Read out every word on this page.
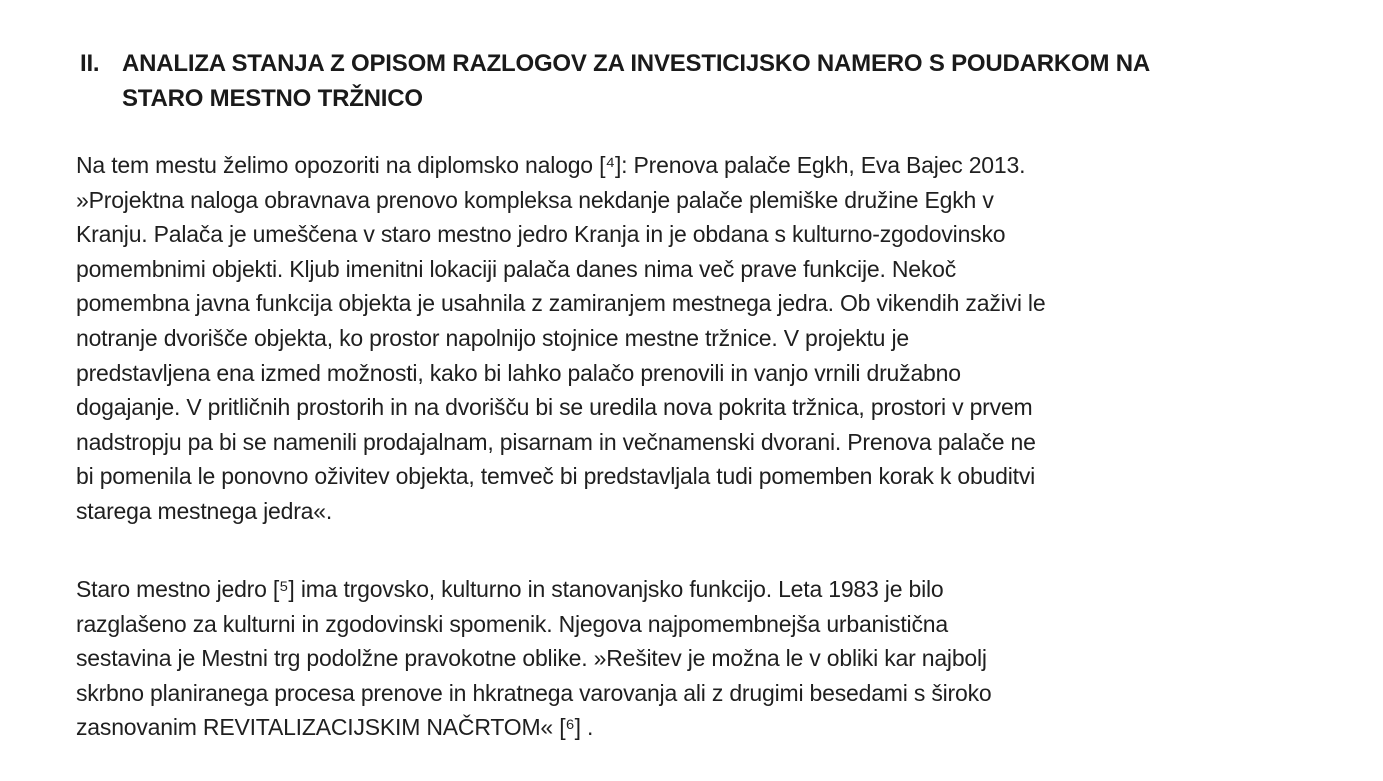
II. ANALIZA STANJA Z OPISOM RAZLOGOV ZA INVESTICIJSKO NAMERO S POUDARKOM NA
STARO MESTNO TRŽNICO
Na tem mestu želimo opozoriti na diplomsko nalogo [⁴]: Prenova palače Egkh, Eva Bajec 2013.
»Projektna naloga obravnava prenovo kompleksa nekdanje palače plemiške družine Egkh v
Kranju. Palača je umeščena v staro mestno jedro Kranja in je obdana s kulturno-zgodovinsko
pomembnimi objekti. Kljub imenitni lokaciji palača danes nima več prave funkcije. Nekoč
pomembna javna funkcija objekta je usahnila z zamiranjem mestnega jedra. Ob vikendih zaživi le
notranje dvorišče objekta, ko prostor napolnijo stojnice mestne tržnice. V projektu je
predstavljena ena izmed možnosti, kako bi lahko palačo prenovili in vanjo vrnili družabno
dogajanje. V pritličnih prostorih in na dvorišču bi se uredila nova pokrita tržnica, prostori v prvem
nadstropju pa bi se namenili prodajalnam, pisarnam in večnamenski dvorani. Prenova palače ne
bi pomenila le ponovno oživitev objekta, temveč bi predstavljala tudi pomemben korak k obuditvi
starega mestnega jedra«.
Staro mestno jedro [⁵] ima trgovsko, kulturno in stanovanjsko funkcijo. Leta 1983 je bilo
razglašeno za kulturni in zgodovinski spomenik. Njegova najpomembnejša urbanistična
sestavina je Mestni trg podolžne pravokotne oblike. »Rešitev je možna le v obliki kar najbolj
skrbno planiranega procesa prenove in hkratnega varovanja ali z drugimi besedami s široko
zasnovanim REVITALIZACIJSKIM NAČRTOM« [⁶] .
